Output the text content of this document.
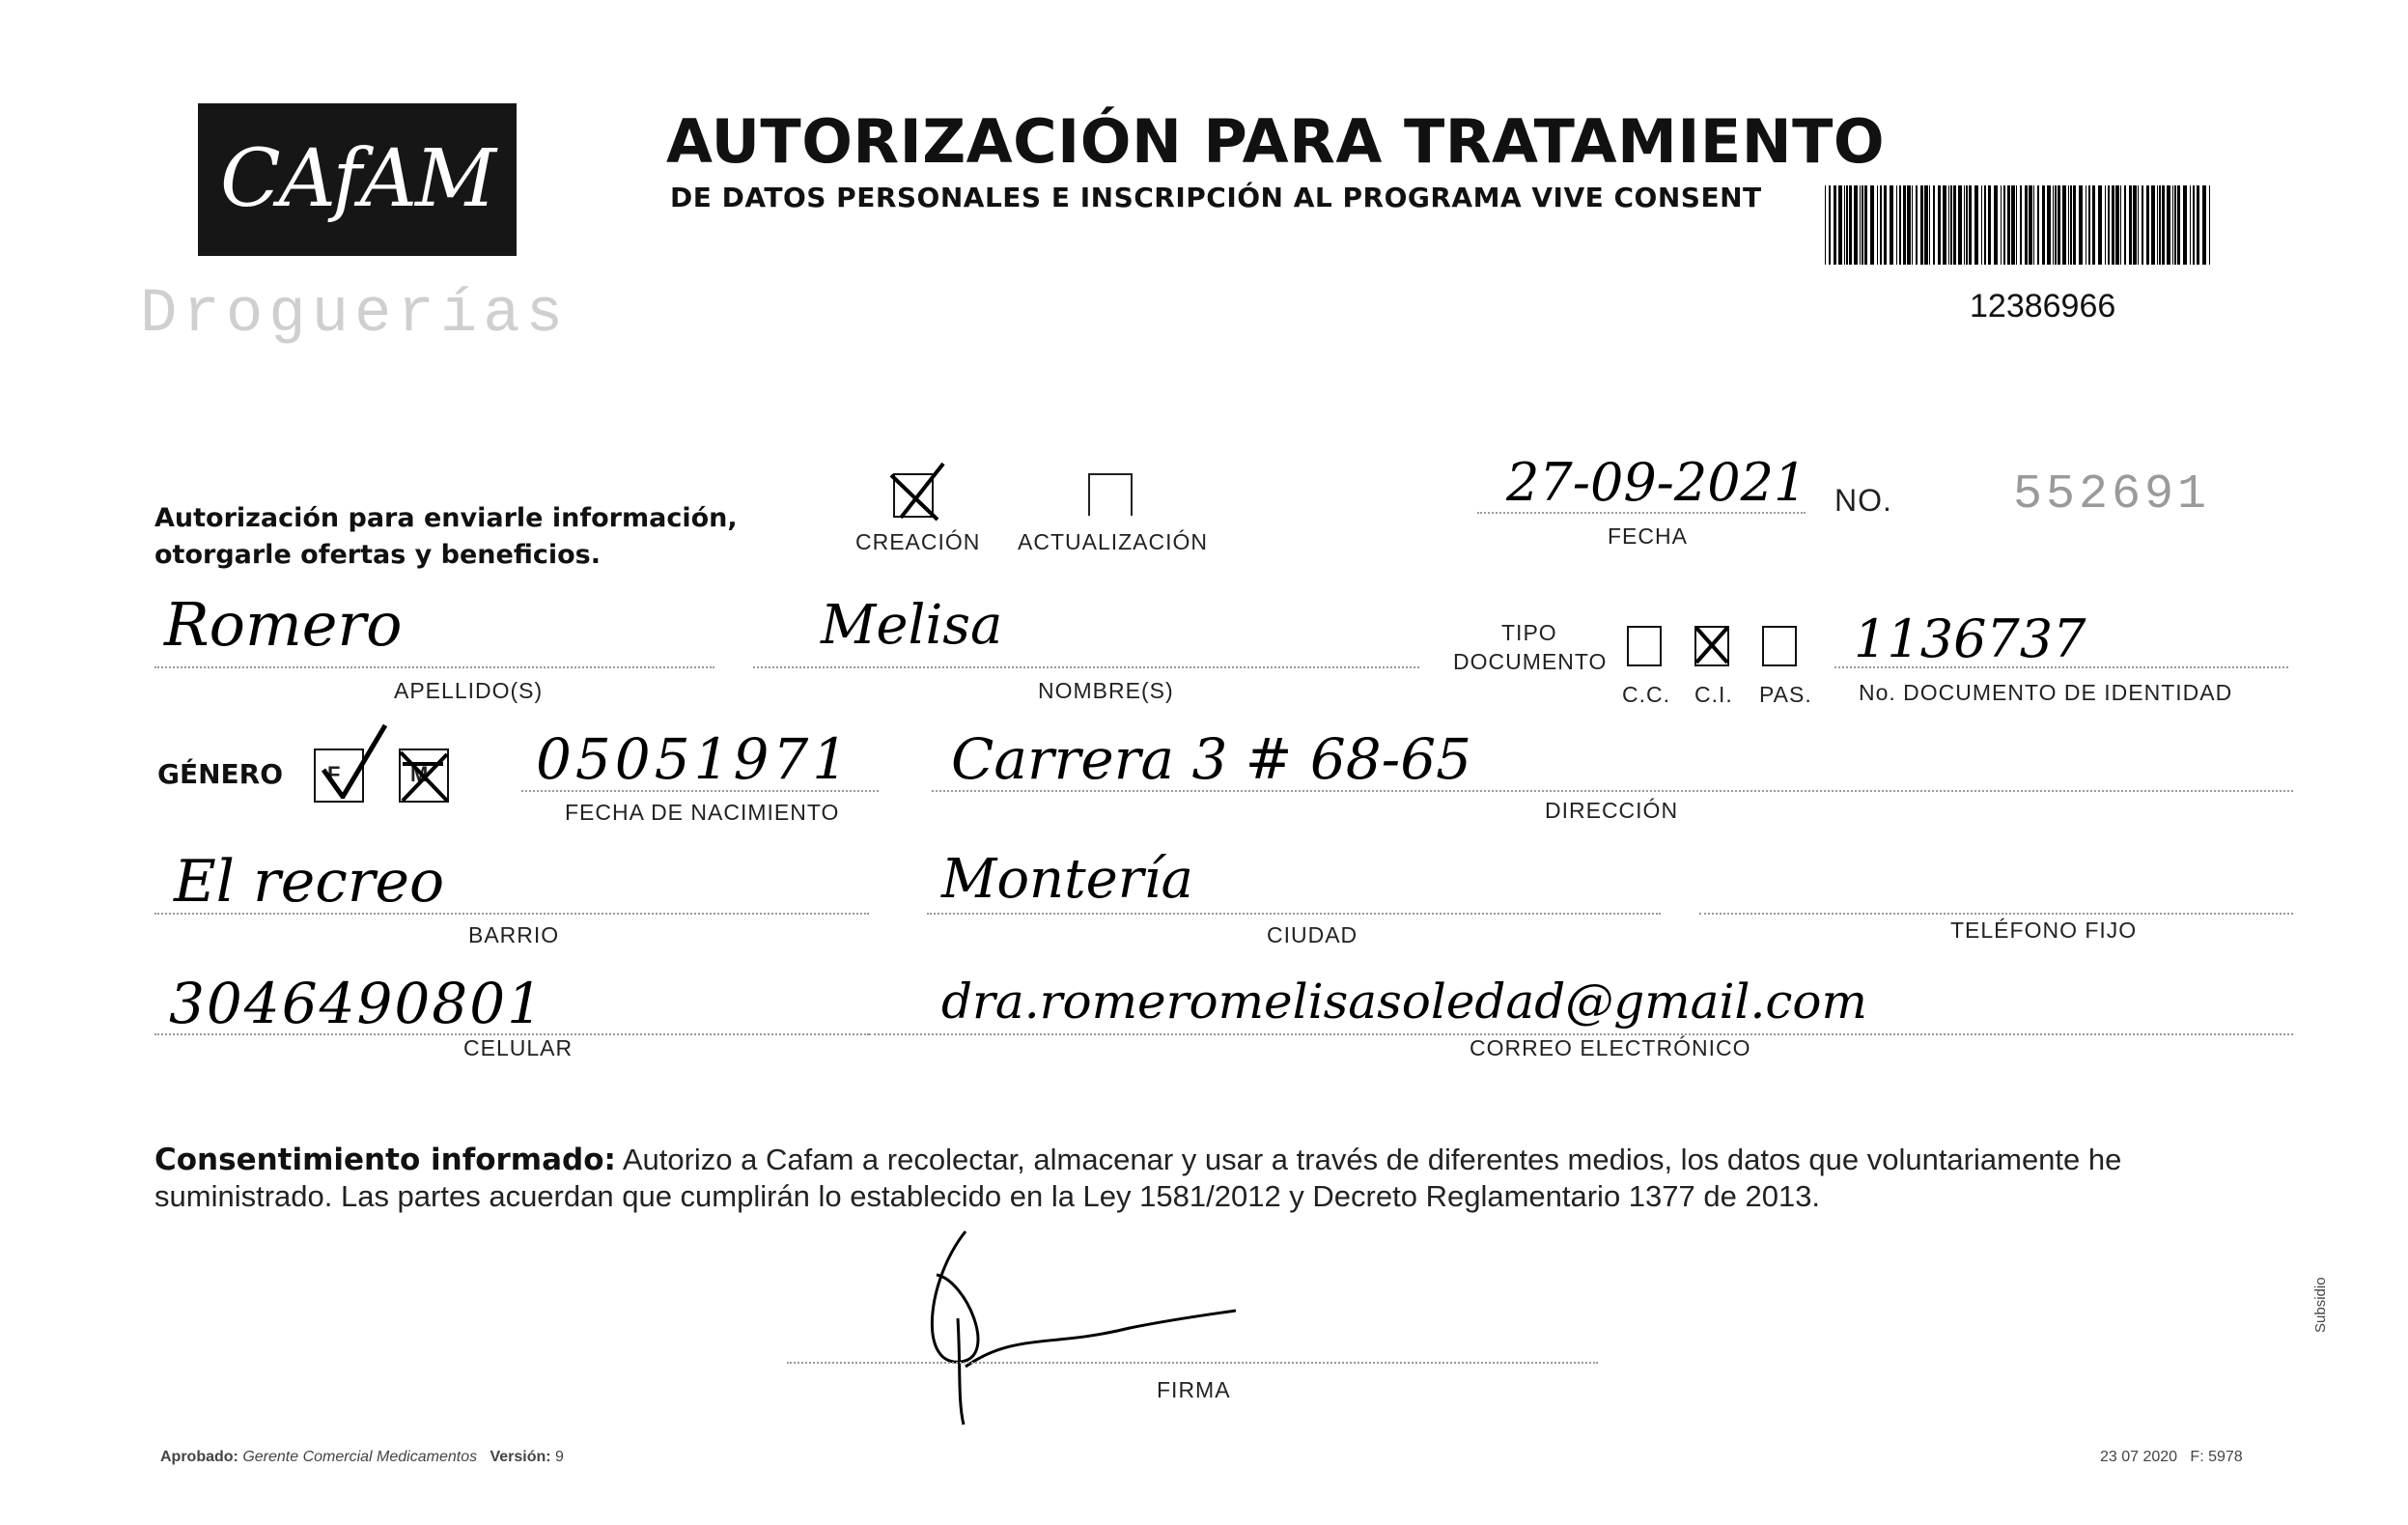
CAfAM
Droguerías
AUTORIZACIÓN PARA TRATAMIENTO
DE DATOS PERSONALES E INSCRIPCIÓN AL PROGRAMA VIVE CONSENT
12386966
Autorización para enviarle información,
otorgarle ofertas y beneficios.	CREACIÓN ACTUALIZACIÓN
27-09-2021
FECHA
NO.	552691
Romero
APELLIDO(S)
Melisa
NOMBRE(S)
TIPO
DOCUMENTO
C.C. C.I. PAS.
1136737
No. DOCUMENTO DE IDENTIDAD
GÉNERO F	M 05051971
FECHA DE NACIMIENTO
Carrera 3 # 68-65
DIRECCIÓN
El recreo
BARRIO
Montería
CIUDAD	TELÉFONO FIJO
3046490801
CELULAR
dra.romeromelisasoledad@gmail.com
CORREO ELECTRÓNICO
Consentimiento informado: Autorizo a Cafam a recolectar, almacenar y usar a través de diferentes medios, los datos que voluntariamente he suministrado. Las partes acuerdan que cumplirán lo establecido en la Ley 1581/2012 y Decreto Reglamentario 1377 de 2013.
FIRMA
Aprobado: Gerente Comercial Medicamentos Versión: 9	23 07 2020 F: 5978
Subsidio
